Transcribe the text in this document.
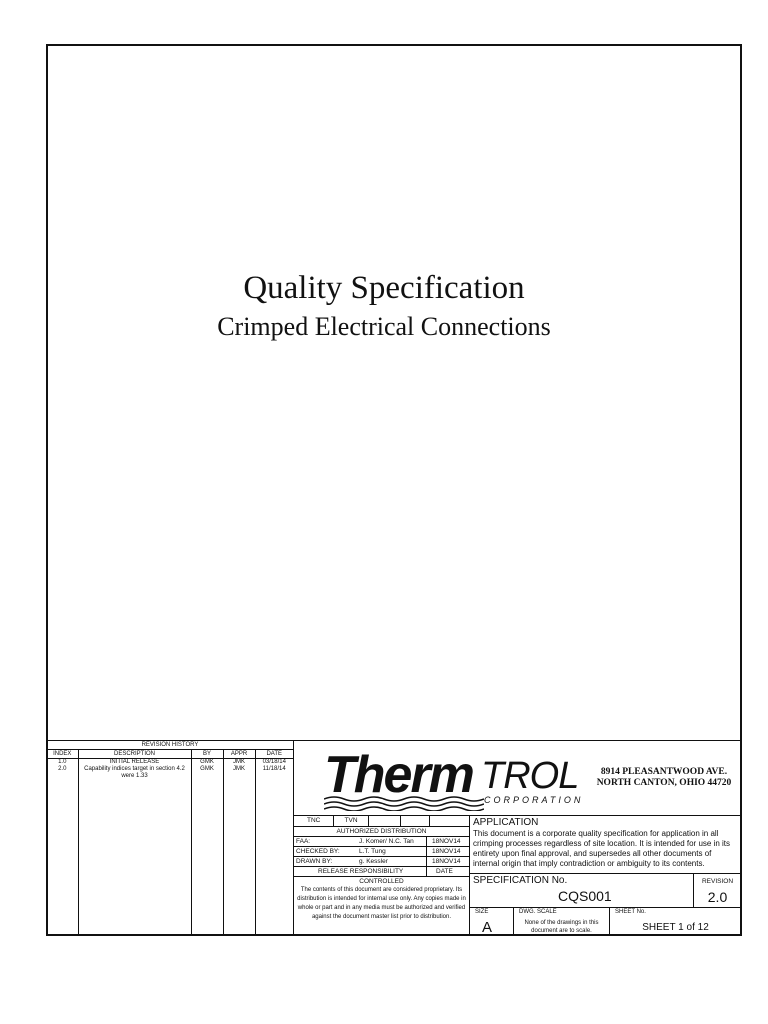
Quality Specification
Crimped Electrical Connections
REVISION HISTORY
INDEX	DESCRIPTION	BY	APPR	DATE
1.0	INITIAL RELEASE	GMK	JMK	03/18/14
2.0	Capability indices target in section 4.2 were 1.33	GMK	JMK	11/18/14 Therm TROL
CORPORATION
8914 PLEASANTWOOD AVE.
NORTH CANTON, OHIO 44720
TNC	TVN
AUTHORIZED DISTRIBUTION
FAA:	J. Komer/ N.C. Tan	18NOV14
CHECKED BY:	L.T. Tung	18NOV14
DRAWN BY:	g. Kessler	18NOV14
RELEASE RESPONSIBILITY	DATE
CONTROLLED
The contents of this document are considered proprietary. Its distribution is intended for internal use only. Any copies made in whole or part and in any media must be authorized and verified against the document master list prior to distribution.
APPLICATION
This document is a corporate quality specification for application in all crimping processes regardless of site location. It is intended for use in its entirety upon final approval, and supersedes all other documents of internal origin that imply contradiction or ambiguity to its contents.
SPECIFICATION No.
CQS001
REVISION
2.0
SIZE
A
DWG. SCALE
None of the drawings in this document are to scale.
SHEET No.
SHEET 1 of 12
